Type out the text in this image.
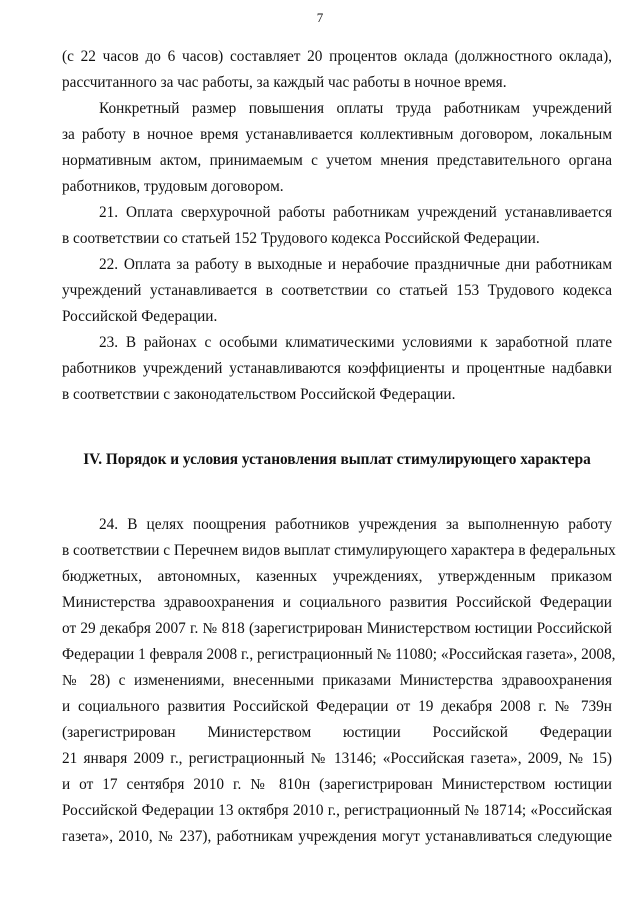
7
(с 22 часов до 6 часов) составляет 20 процентов оклада (должностного оклада),
рассчитанного за час работы, за каждый час работы в ночное время.
Конкретный размер повышения оплаты труда работникам учреждений
за работу в ночное время устанавливается коллективным договором, локальным
нормативным актом, принимаемым с учетом мнения представительного органа
работников, трудовым договором.
21. Оплата сверхурочной работы работникам учреждений устанавливается
в соответствии со статьей 152 Трудового кодекса Российской Федерации.
22. Оплата за работу в выходные и нерабочие праздничные дни работникам
учреждений устанавливается в соответствии со статьей 153 Трудового кодекса
Российской Федерации.
23. В районах с особыми климатическими условиями к заработной плате
работников учреждений устанавливаются коэффициенты и процентные надбавки
в соответствии с законодательством Российской Федерации.
IV. Порядок и условия установления выплат стимулирующего характера
24. В целях поощрения работников учреждения за выполненную работу
в соответствии с Перечнем видов выплат стимулирующего характера в федеральных
бюджетных, автономных, казенных учреждениях, утвержденным приказом
Министерства здравоохранения и социального развития Российской Федерации
от 29 декабря 2007 г. № 818 (зарегистрирован Министерством юстиции Российской
Федерации 1 февраля 2008 г., регистрационный № 11080; «Российская газета», 2008,
№ 28) с изменениями, внесенными приказами Министерства здравоохранения
и социального развития Российской Федерации от 19 декабря 2008 г. № 739н
(зарегистрирован Министерством юстиции Российской Федерации
21 января 2009 г., регистрационный № 13146; «Российская газета», 2009, № 15)
и от 17 сентября 2010 г. № 810н (зарегистрирован Министерством юстиции
Российской Федерации 13 октября 2010 г., регистрационный № 18714; «Российская
газета», 2010, № 237), работникам учреждения могут устанавливаться следующие
